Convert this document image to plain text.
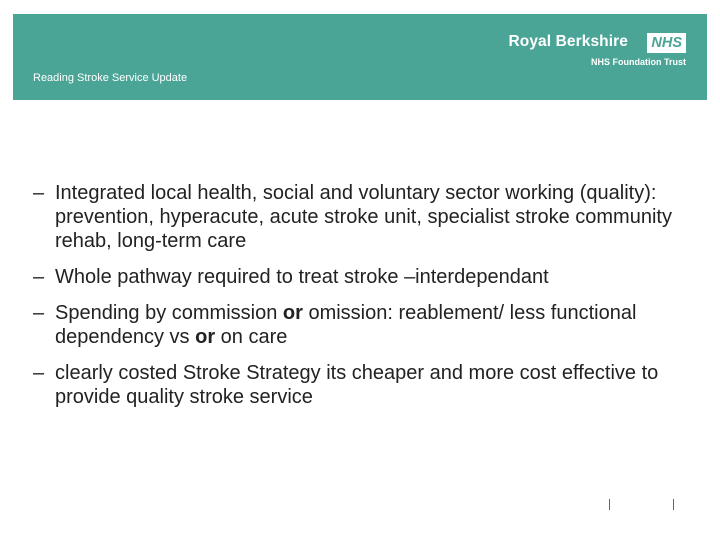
Reading Stroke Service Update
Royal Berkshire NHS
NHS Foundation Trust
– Integrated local health, social and voluntary sector working (quality): prevention, hyperacute, acute stroke unit, specialist stroke community rehab, long-term care
– Whole pathway required to treat stroke –interdependant
– Spending by commission or omission: reablement/ less functional dependency vs or on care
– clearly costed Stroke Strategy its cheaper and more cost effective to provide quality stroke service
